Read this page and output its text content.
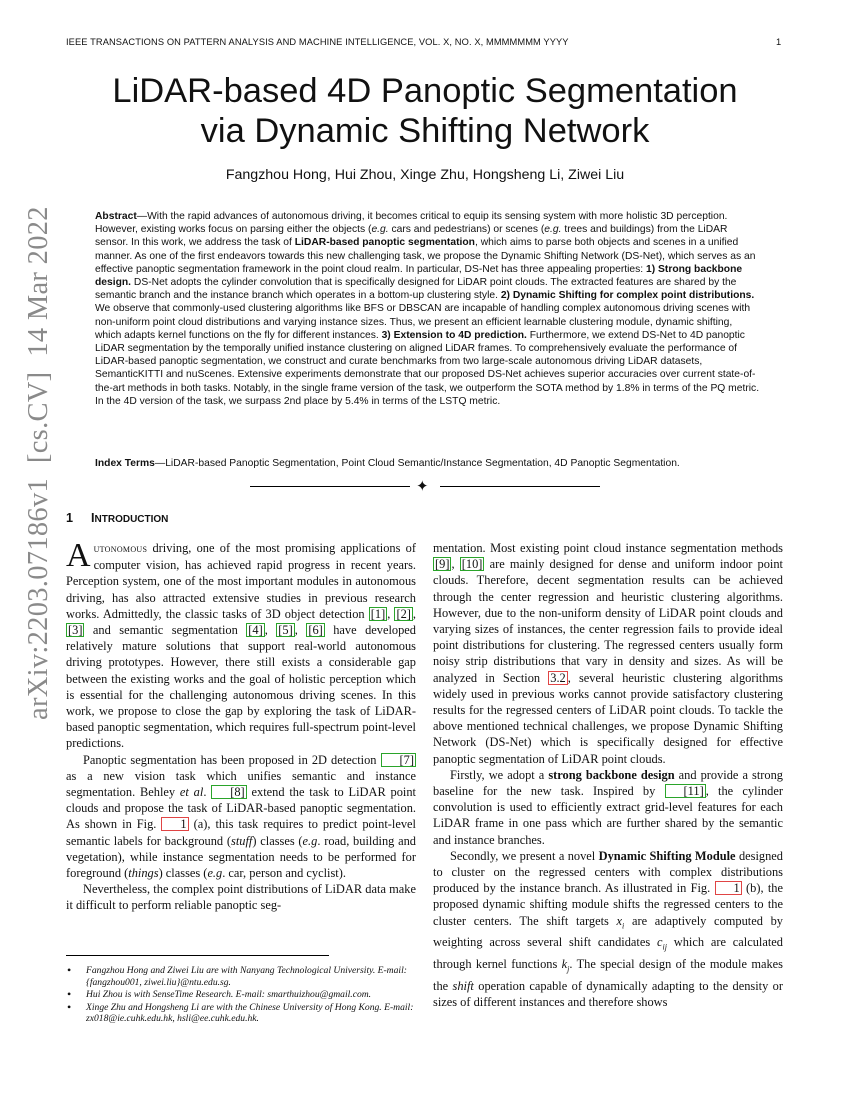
IEEE TRANSACTIONS ON PATTERN ANALYSIS AND MACHINE INTELLIGENCE, VOL. X, NO. X, MMMMMMM YYYY	1
LiDAR-based 4D Panoptic Segmentation
via Dynamic Shifting Network
Fangzhou Hong, Hui Zhou, Xinge Zhu, Hongsheng Li, Ziwei Liu
Abstract—With the rapid advances of autonomous driving, it becomes critical to equip its sensing system with more holistic 3D perception. However, existing works focus on parsing either the objects (e.g. cars and pedestrians) or scenes (e.g. trees and buildings) from the LiDAR sensor. In this work, we address the task of LiDAR-based panoptic segmentation, which aims to parse both objects and scenes in a unified manner. As one of the first endeavors towards this new challenging task, we propose the Dynamic Shifting Network (DS-Net), which serves as an effective panoptic segmentation framework in the point cloud realm. In particular, DS-Net has three appealing properties: 1) Strong backbone design. DS-Net adopts the cylinder convolution that is specifically designed for LiDAR point clouds. The extracted features are shared by the semantic branch and the instance branch which operates in a bottom-up clustering style. 2) Dynamic Shifting for complex point distributions. We observe that commonly-used clustering algorithms like BFS or DBSCAN are incapable of handling complex autonomous driving scenes with non-uniform point cloud distributions and varying instance sizes. Thus, we present an efficient learnable clustering module, dynamic shifting, which adapts kernel functions on the fly for different instances. 3) Extension to 4D prediction. Furthermore, we extend DS-Net to 4D panoptic LiDAR segmentation by the temporally unified instance clustering on aligned LiDAR frames. To comprehensively evaluate the performance of LiDAR-based panoptic segmentation, we construct and curate benchmarks from two large-scale autonomous driving LiDAR datasets, SemanticKITTI and nuScenes. Extensive experiments demonstrate that our proposed DS-Net achieves superior accuracies over current state-of-the-art methods in both tasks. Notably, in the single frame version of the task, we outperform the SOTA method by 1.8% in terms of the PQ metric. In the 4D version of the task, we surpass 2nd place by 5.4% in terms of the LSTQ metric.
Index Terms—LiDAR-based Panoptic Segmentation, Point Cloud Semantic/Instance Segmentation, 4D Panoptic Segmentation.
✦
arXiv:2203.07186v1  [cs.CV]  14 Mar 2022 1 INTRODUCTION

Autonomous driving, one of the most promising applications of computer vision, has achieved rapid progress in recent years. Perception system, one of the most important modules in autonomous driving, has also attracted extensive studies in previous research works. Admittedly, the classic tasks of 3D object detection [1] , [2] , [3] and semantic segmentation [4] , [5] , [6] have developed relatively mature solutions that support real-world autonomous driving prototypes. However, there still exists a considerable gap between the existing works and the goal of holistic perception which is essential for the challenging autonomous driving scenes. In this work, we propose to close the gap by exploring the task of LiDAR-based panoptic segmentation, which requires full-spectrum point-level predictions.

Panoptic segmentation has been proposed in 2D detection [7] as a new vision task which unifies semantic and instance segmentation. Behley et al. [8] extend the task to LiDAR point clouds and propose the task of LiDAR-based panoptic segmentation. As shown in Fig. 1 (a), this task requires to predict point-level semantic labels for background (stuff) classes (e.g. road, building and vegetation), while instance segmentation needs to be performed for foreground (things) classes (e.g. car, person and cyclist).

Nevertheless, the complex point distributions of LiDAR data make it difficult to perform reliable panoptic seg-

• Fangzhou Hong and Ziwei Liu are with Nanyang Technological University. E-mail: {fangzhou001, ziwei.liu}@ntu.edu.sg.
• Hui Zhou is with SenseTime Research. E-mail: smarthuizhou@gmail.com.
• Xinge Zhu and Hongsheng Li are with the Chinese University of Hong Kong. E-mail: zx018@ie.cuhk.edu.hk, hsli@ee.cuhk.edu.hk.

mentation. Most existing point cloud instance segmentation methods [9] , [10] are mainly designed for dense and uniform indoor point clouds. Therefore, decent segmentation results can be achieved through the center regression and heuristic clustering algorithms. However, due to the non-uniform density of LiDAR point clouds and varying sizes of instances, the center regression fails to provide ideal point distributions for clustering. The regressed centers usually form noisy strip distributions that vary in density and sizes. As will be analyzed in Section 3.2 , several heuristic clustering algorithms widely used in previous works cannot provide satisfactory clustering results for the regressed centers of LiDAR point clouds. To tackle the above mentioned technical challenges, we propose Dynamic Shifting Network (DS-Net) which is specifically designed for effective panoptic segmentation of LiDAR point clouds.

Firstly, we adopt a strong backbone design and provide a strong baseline for the new task. Inspired by [11] , the cylinder convolution is used to efficiently extract grid-level features for each LiDAR frame in one pass which are further shared by the semantic and instance branches.

Secondly, we present a novel Dynamic Shifting Module designed to cluster on the regressed centers with complex distributions produced by the instance branch. As illustrated in Fig. 1 (b), the proposed dynamic shifting module shifts the regressed centers to the cluster centers. The shift targets $x_i$ are adaptively computed by weighting across several shift candidates $c_{ij}$ which are calculated through kernel functions $k_j$. The special design of the module makes the shift operation capable of dynamically adapting to the density or sizes of different instances and therefore shows
